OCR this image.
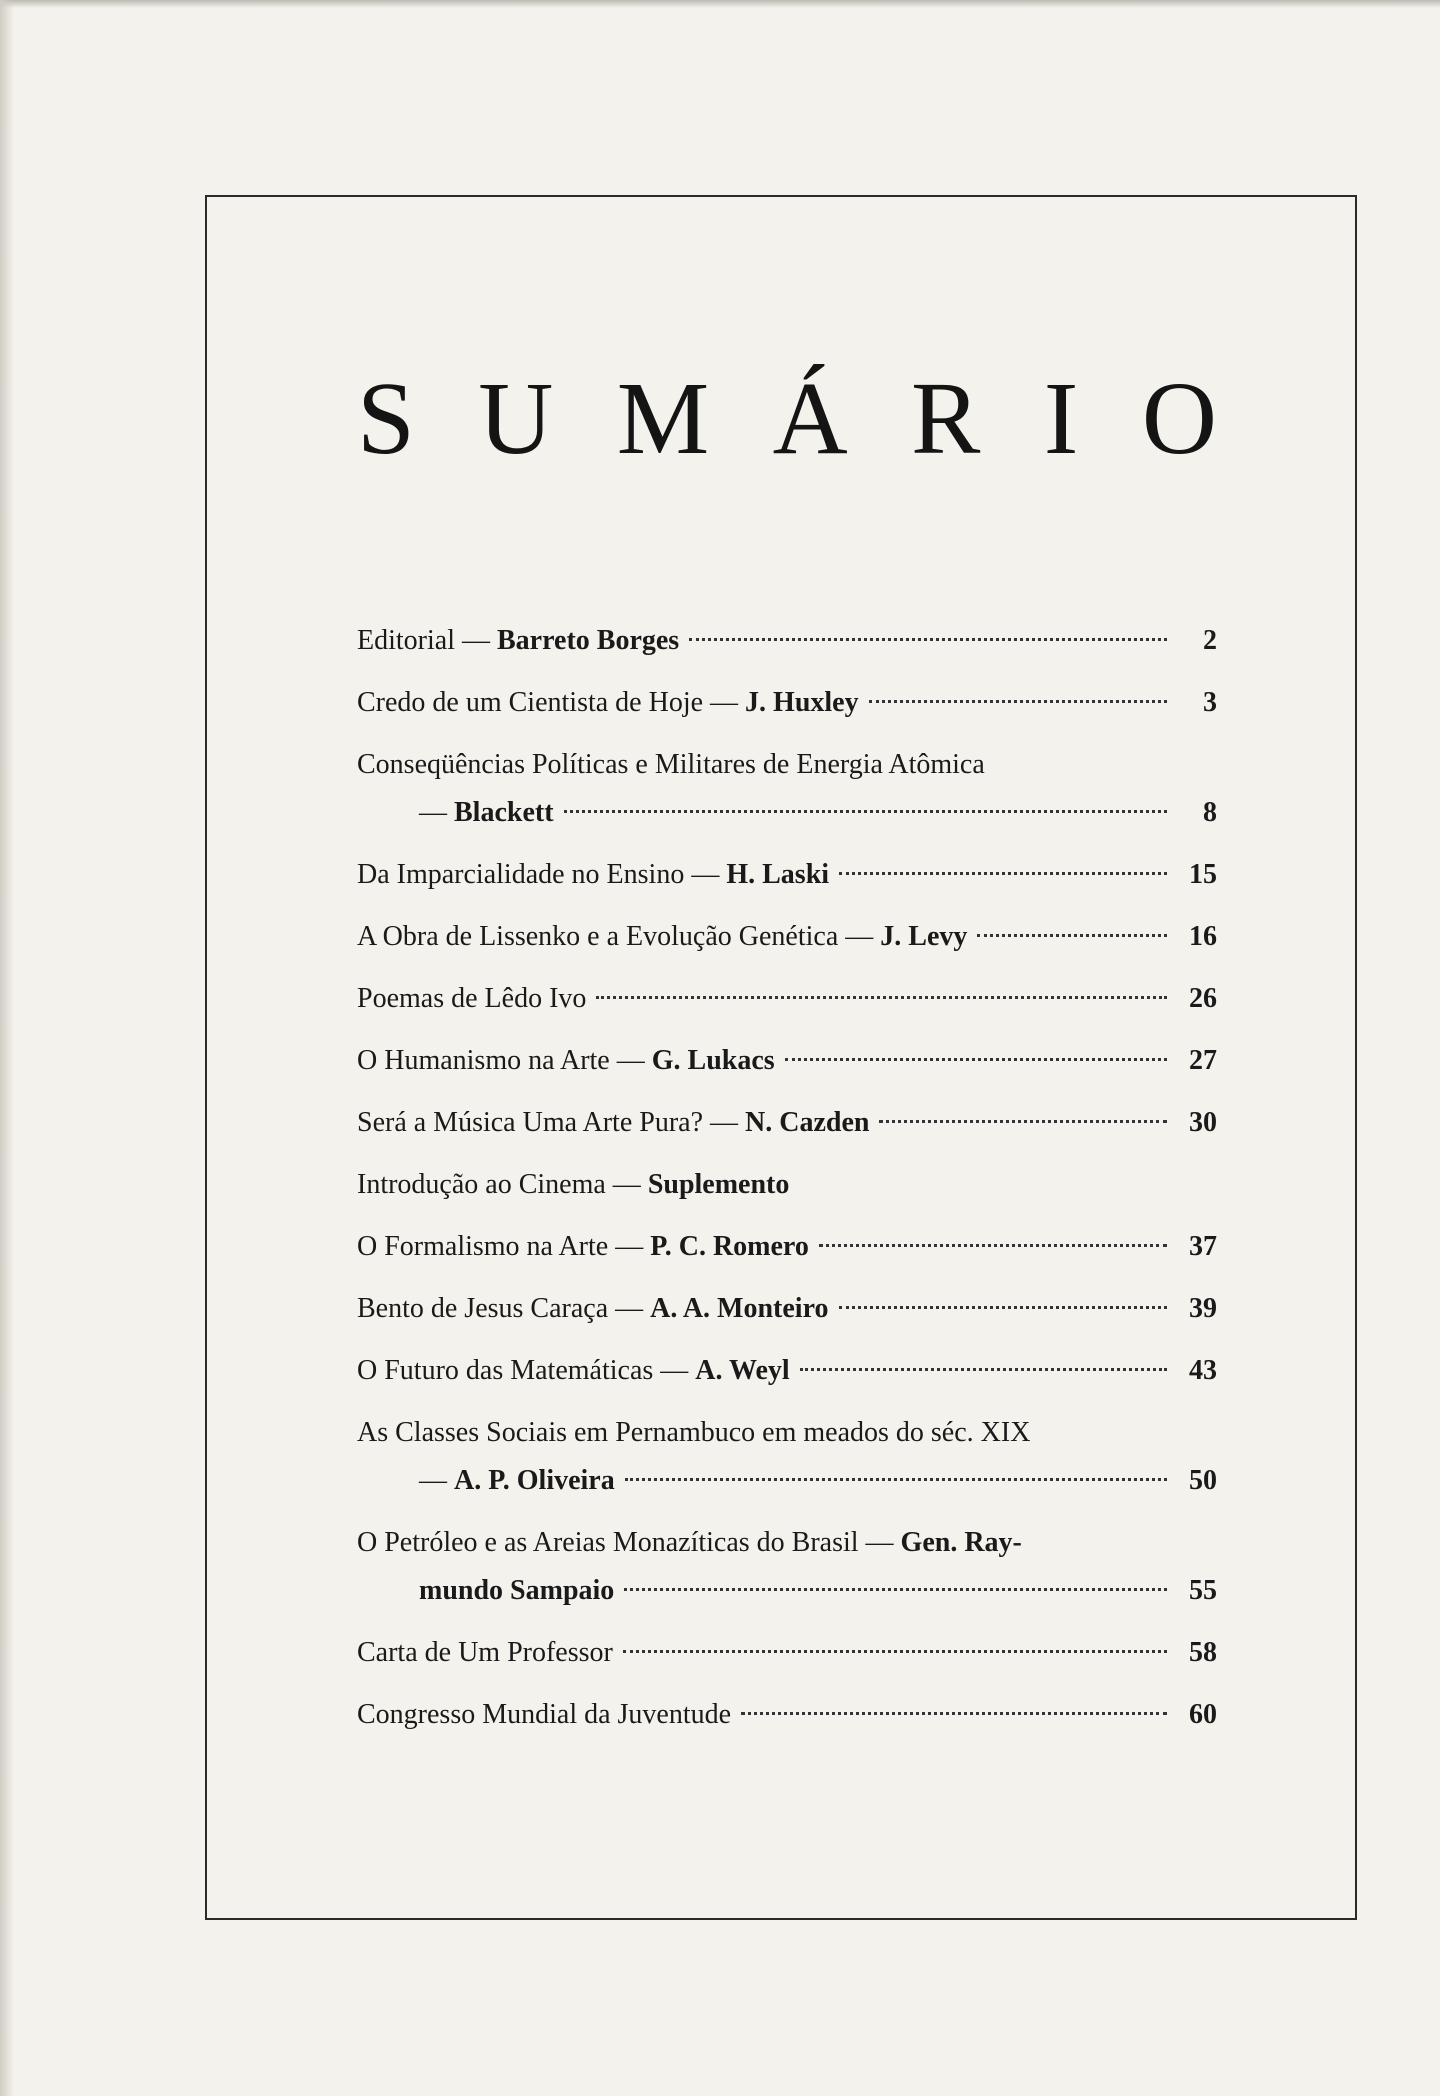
S U M Á R I O
Editorial — Barreto Borges	2
Credo de um Cientista de Hoje — J. Huxley	3
Conseqüências Políticas e Militares de Energia Atômica
— Blackett	8
Da Imparcialidade no Ensino — H. Laski	15
A Obra de Lissenko e a Evolução Genética — J. Levy	16
Poemas de Lêdo Ivo	26
O Humanismo na Arte — G. Lukacs	27
Será a Música Uma Arte Pura? — N. Cazden	30
Introdução ao Cinema — Suplemento
O Formalismo na Arte — P. C. Romero	37
Bento de Jesus Caraça — A. A. Monteiro	39
O Futuro das Matemáticas — A. Weyl	43
As Classes Sociais em Pernambuco em meados do séc. XIX
— A. P. Oliveira	50
O Petróleo e as Areias Monazíticas do Brasil — Gen. Ray-
mundo Sampaio	55
Carta de Um Professor	58
Congresso Mundial da Juventude	60
